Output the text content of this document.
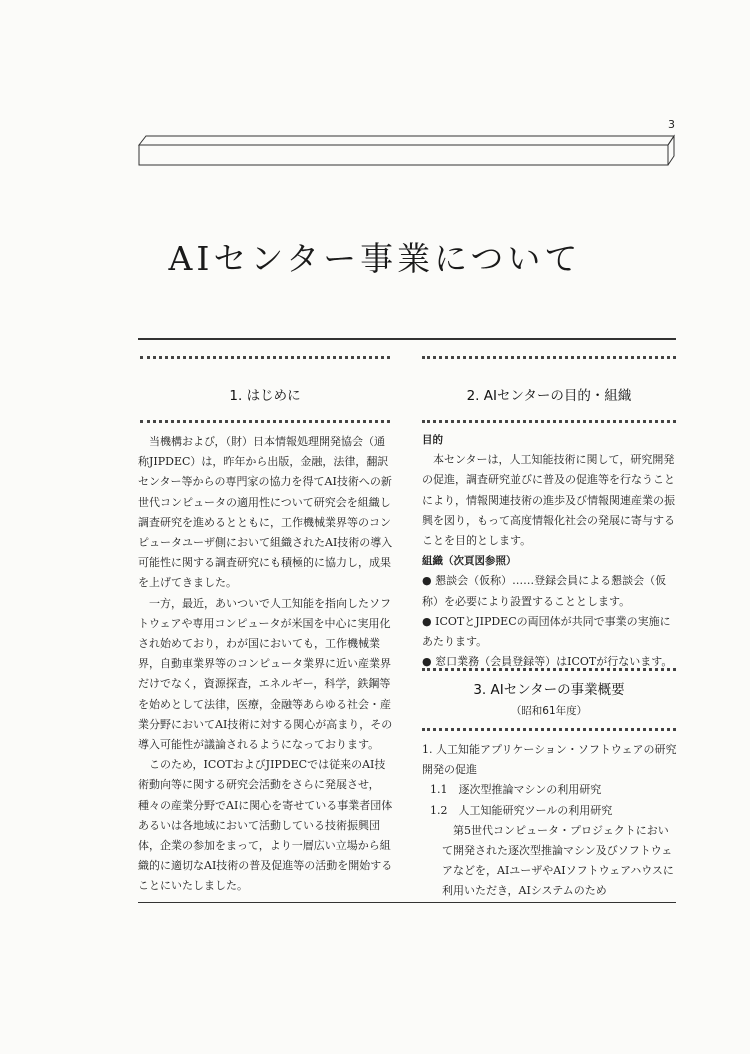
3
AIセンター事業について
1. はじめに

当機構および，（財）日本情報処理開発協会（通称JIPDEC）は，昨年から出版，金融，法律，翻訳センター等からの専門家の協力を得てAI技術への新世代コンピュータの適用性について研究会を組織し調査研究を進めるとともに，工作機械業界等のコンピュータユーザ側において組織されたAI技術の導入可能性に関する調査研究にも積極的に協力し，成果を上げてきました。

一方，最近，あいついで人工知能を指向したソフトウェアや専用コンピュータが米国を中心に実用化され始めており，わが国においても，工作機械業界，自動車業界等のコンピュータ業界に近い産業界だけでなく，資源探査，エネルギー，科学，鉄鋼等を始めとして法律，医療，金融等あらゆる社会・産業分野においてAI技術に対する関心が高まり，その導入可能性が議論されるようになっております。

このため，ICOTおよびJIPDECでは従来のAI技術動向等に関する研究会活動をさらに発展させ，種々の産業分野でAIに関心を寄せている事業者団体あるいは各地域において活動している技術振興団体，企業の参加をまって，より一層広い立場から組織的に適切なAI技術の普及促進等の活動を開始することにいたしました。

2. AIセンターの目的・組織

目的

本センターは，人工知能技術に関して，研究開発の促進，調査研究並びに普及の促進等を行なうことにより，情報関連技術の進歩及び情報関連産業の振興を図り，もって高度情報化社会の発展に寄与することを目的とします。

組織（次頁図参照）

● 懇談会（仮称）……登録会員による懇談会（仮称）を必要により設置することとします。

● ICOTとJIPDECの両団体が共同で事業の実施にあたります。

● 窓口業務（会員登録等）はICOTが行ないます。

3. AIセンターの事業概要
（昭和61年度）

1. 人工知能アプリケーション・ソフトウェアの研究開発の促進

1.1　逐次型推論マシンの利用研究

1.2　人工知能研究ツールの利用研究

第5世代コンピュータ・プロジェクトにおいて開発された逐次型推論マシン及びソフトウェアなどを，AIユーザやAIソフトウェアハウスに利用いただき，AIシステムのため
